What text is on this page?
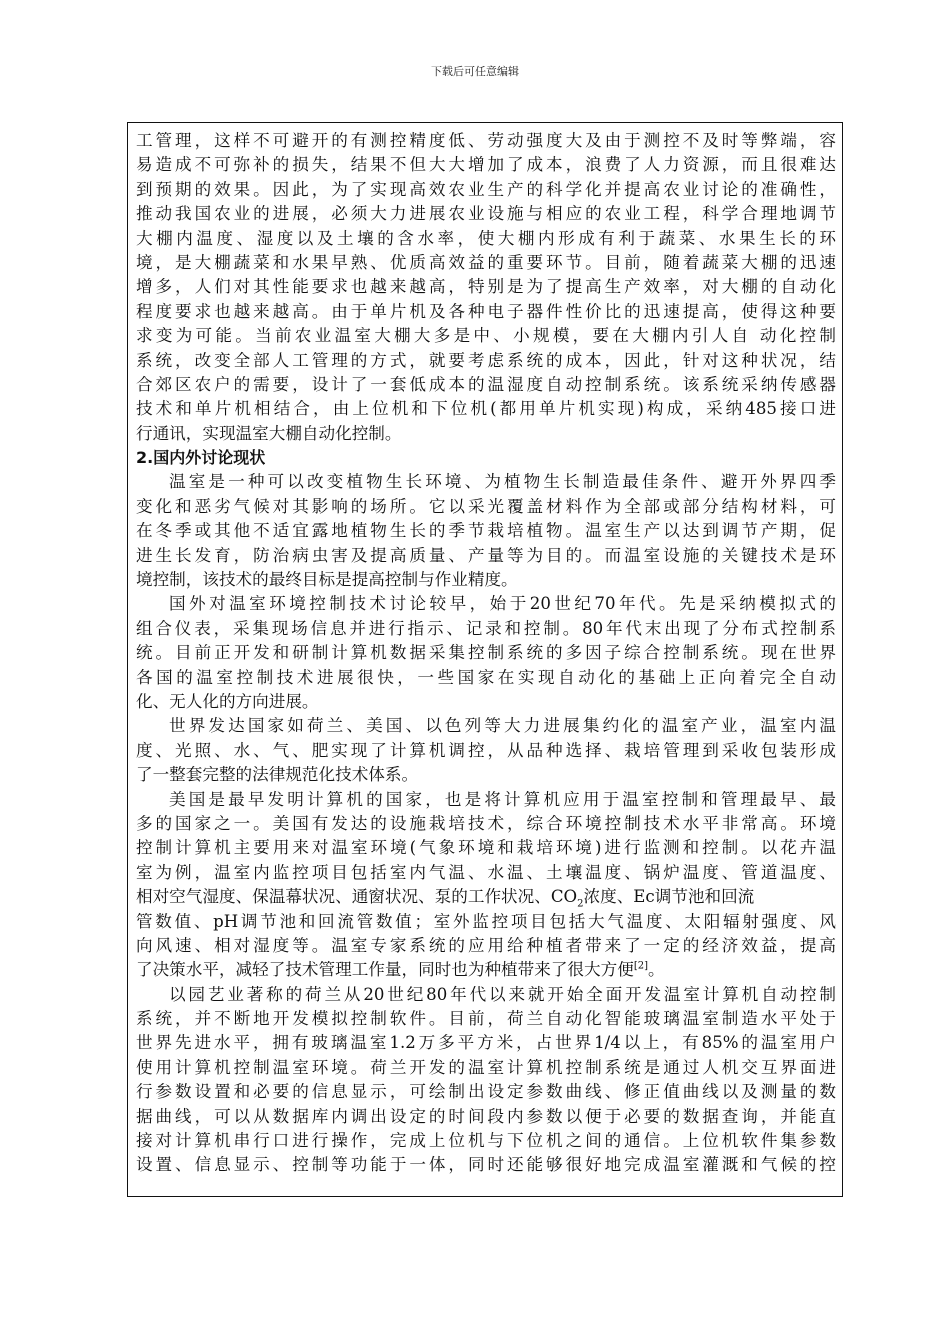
下载后可任意编辑
工管理，这样不可避开的有测控精度低、劳动强度大及由于测控不及时等弊端，容
易造成不可弥补的损失，结果不但大大增加了成本，浪费了人力资源，而且很难达
到预期的效果。因此，为了实现高效农业生产的科学化并提高农业讨论的准确性，
推动我国农业的进展，必须大力进展农业设施与相应的农业工程，科学合理地调节
大棚内温度、湿度以及土壤的含水率，使大棚内形成有利于蔬菜、水果生长的环
境，是大棚蔬菜和水果早熟、优质高效益的重要环节。目前，随着蔬菜大棚的迅速
增多，人们对其性能要求也越来越高，特别是为了提高生产效率，对大棚的自动化
程度要求也越来越高。由于单片机及各种电子器件性价比的迅速提高，使得这种要
求变为可能。当前农业温室大棚大多是中、小规模，要在大棚内引人自 动化控制
系统，改变全部人工管理的方式，就要考虑系统的成本，因此，针对这种状况，结
合郊区农户的需要，设计了一套低成本的温湿度自动控制系统。该系统采纳传感器
技术和单片机相结合，由上位机和下位机(都用单片机实现)构成，采纳485接口进
行通讯，实现温室大棚自动化控制。
2.国内外讨论现状
温室是一种可以改变植物生长环境、为植物生长制造最佳条件、避开外界四季
变化和恶劣气候对其影响的场所。它以采光覆盖材料作为全部或部分结构材料，可
在冬季或其他不适宜露地植物生长的季节栽培植物。温室生产以达到调节产期，促
进生长发育，防治病虫害及提高质量、产量等为目的。而温室设施的关键技术是环
境控制，该技术的最终目标是提高控制与作业精度。
国外对温室环境控制技术讨论较早，始于20世纪70年代。先是采纳模拟式的
组合仪表，采集现场信息并进行指示、记录和控制。80年代末出现了分布式控制系
统。目前正开发和研制计算机数据采集控制系统的多因子综合控制系统。现在世界
各国的温室控制技术进展很快，一些国家在实现自动化的基础上正向着完全自动
化、无人化的方向进展。
世界发达国家如荷兰、美国、以色列等大力进展集约化的温室产业，温室内温
度、光照、水、气、肥实现了计算机调控，从品种选择、栽培管理到采收包装形成
了一整套完整的法律规范化技术体系。
美国是最早发明计算机的国家，也是将计算机应用于温室控制和管理最早、最
多的国家之一。美国有发达的设施栽培技术，综合环境控制技术水平非常高。环境
控制计算机主要用来对温室环境(气象环境和栽培环境)进行监测和控制。以花卉温
室为例，温室内监控项目包括室内气温、水温、土壤温度、锅炉温度、管道温度、
相对空气湿度、保温幕状况、通窗状况、泵的工作状况、$CO_2$浓度、Ec调节池和回流
管数值、pH调节池和回流管数值；室外监控项目包括大气温度、太阳辐射强度、风
向风速、相对湿度等。温室专家系统的应用给种植者带来了一定的经济效益，提高
了决策水平，减轻了技术管理工作量，同时也为种植带来了很大方便[2]。
以园艺业著称的荷兰从20世纪80年代以来就开始全面开发温室计算机自动控制
系统，并不断地开发模拟控制软件。目前，荷兰自动化智能玻璃温室制造水平处于
世界先进水平，拥有玻璃温室1.2万多平方米，占世界1/4以上，有85%的温室用户
使用计算机控制温室环境。荷兰开发的温室计算机控制系统是通过人机交互界面进
行参数设置和必要的信息显示，可绘制出设定参数曲线、修正值曲线以及测量的数
据曲线，可以从数据库内调出设定的时间段内参数以便于必要的数据查询，并能直
接对计算机串行口进行操作，完成上位机与下位机之间的通信。上位机软件集参数
设置、信息显示、控制等功能于一体，同时还能够很好地完成温室灌溉和气候的控
